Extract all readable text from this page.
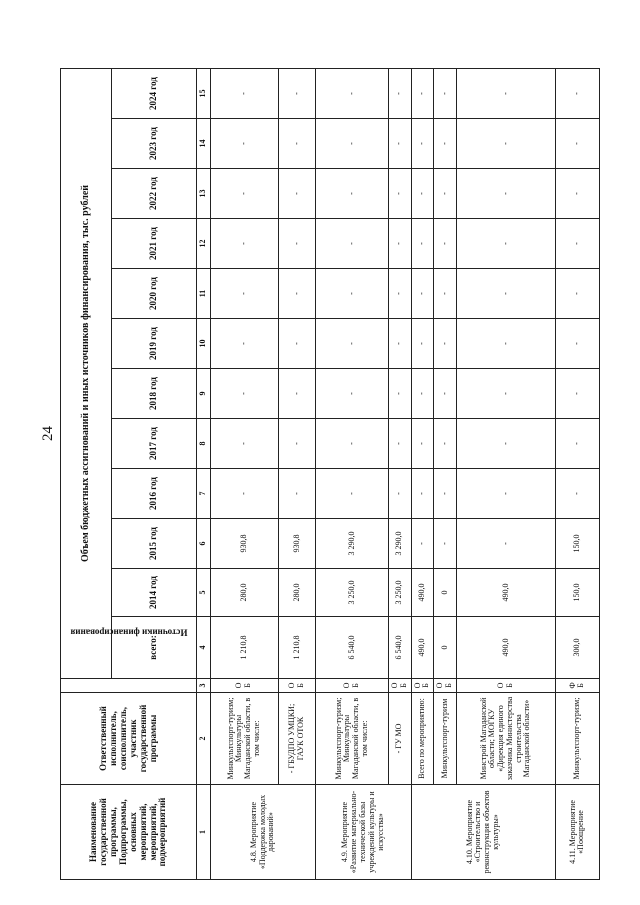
24
Наименование государственной программы, Подпрограммы, основных мероприятий, мероприятий, подмероприятий	Ответственный исполнитель, соисполнитель, участник государственной программы	Источники финансирования	Объем бюджетных ассигнований и иных источников финансирования, тыс. рублей											
			всего:	2014 год	2015 год	2016 год	2017 год	2018 год	2019 год	2020 год	2021 год	2022 год	2023 год	2024 год
1	2	3	4	5	6	7	8	9	10	11	12	13	14	15
4.8. Мероприятие «Поддержка молодых дарований»	Минкультспорт-туризм; Минкультуры Магаданской области, в том числе:	ОБ	1 210,8	280,0	930,8	-	-	-	-	-	-	-	-	-
	- ГБУДПО УМЦКИ; ГАУК ОТОК	ОБ	1 210,8	280,0	930,8	-	-	-	-	-	-	-	-	-
4.9. Мероприятие «Развитие материально-технической базы учреждений культуры и искусства»	Минкультспорт-туризм; Минкультуры Магаданской области, в том числе:	ОБ	6 540,0	3 250,0	3 290,0	-	-	-	-	-	-	-	-	-
	- ГУ МО	ОБ	6 540,0	3 250,0	3 290,0	-	-	-	-	-	-	-	-	-
4.10. Мероприятие «Строительство и реконструкция объектов культуры»	Всего по мероприятию:	ОБ	490,0	490,0	-	-	-	-	-	-	-	-	-	-
	Минкультспорт-туризм	ОБ	0	0	-	-	-	-	-	-	-	-	-	-
	Минстрой Магаданской области; МОГКУ «Дирекция единого заказчика Министерства строительства Магаданской области»	ОБ	490,0	490,0	-	-	-	-	-	-	-	-	-	-
4.11. Мероприятие «Поощрение	Минкультспорт-туризм;	ФБ	300,0	150,0	150,0	-	-	-	-	-	-	-	-	-
